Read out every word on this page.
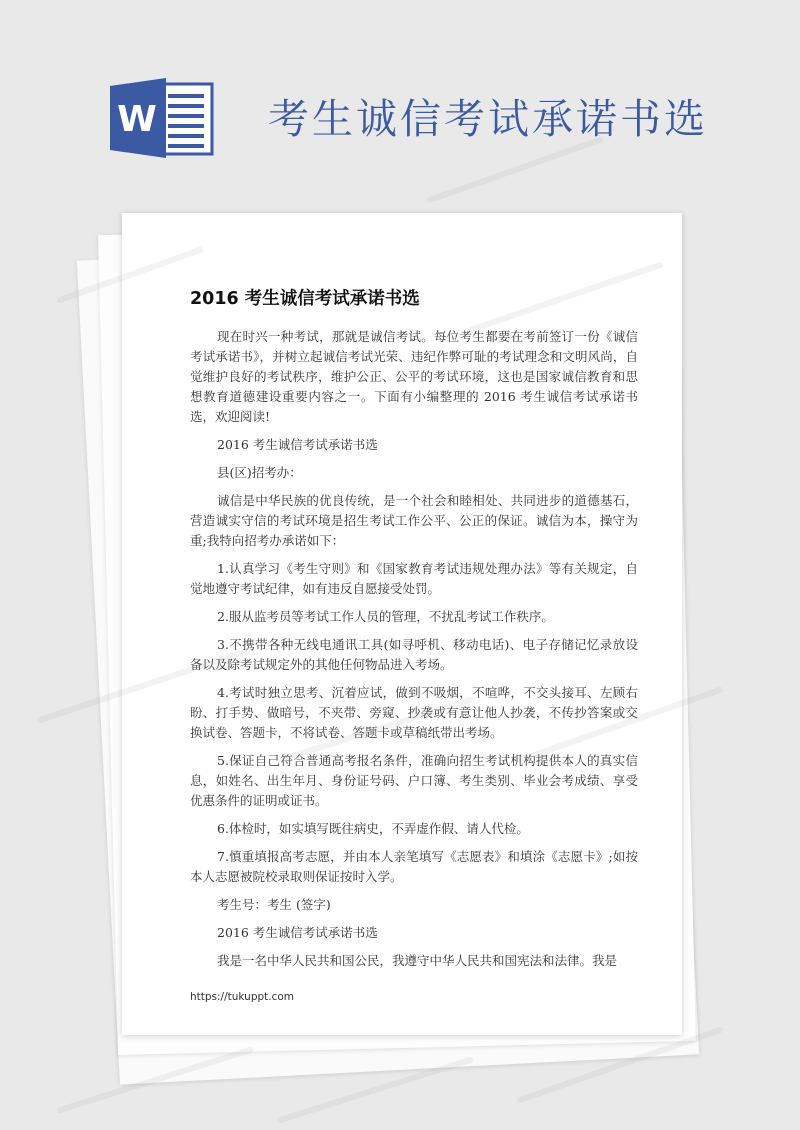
W	考生诚信考试承诺书选
2016 考生诚信考试承诺书选

现在时兴一种考试，那就是诚信考试。每位考生都要在考前签订一份《诚信考试承诺书》，并树立起诚信考试光荣、违纪作弊可耻的考试理念和文明风尚，自觉维护良好的考试秩序，维护公正、公平的考试环境，这也是国家诚信教育和思想教育道德建设重要内容之一。下面有小编整理的 2016 考生诚信考试承诺书选，欢迎阅读!

2016 考生诚信考试承诺书选

县(区)招考办：

诚信是中华民族的优良传统，是一个社会和睦相处、共同进步的道德基石，营造诚实守信的考试环境是招生考试工作公平、公正的保证。诚信为本，操守为重;我特向招考办承诺如下：

1.认真学习《考生守则》和《国家教育考试违规处理办法》等有关规定，自觉地遵守考试纪律，如有违反自愿接受处罚。

2.服从监考员等考试工作人员的管理，不扰乱考试工作秩序。

3.不携带各种无线电通讯工具(如寻呼机、移动电话)、电子存储记忆录放设备以及除考试规定外的其他任何物品进入考场。

4.考试时独立思考、沉着应试，做到不吸烟，不喧哗，不交头接耳、左顾右盼、打手势、做暗号，不夹带、旁窥、抄袭或有意让他人抄袭，不传抄答案或交换试卷、答题卡，不将试卷、答题卡或草稿纸带出考场。

5.保证自己符合普通高考报名条件，准确向招生考试机构提供本人的真实信息，如姓名、出生年月、身份证号码、户口簿、考生类别、毕业会考成绩、享受优惠条件的证明或证书。

6.体检时，如实填写既往病史，不弄虚作假、请人代检。

7.慎重填报高考志愿，并由本人亲笔填写《志愿表》和填涂《志愿卡》;如按本人志愿被院校录取则保证按时入学。

考生号：考生 (签字)

2016 考生诚信考试承诺书选

我是一名中华人民共和国公民，我遵守中华人民共和国宪法和法律。我是

https://tukuppt.com
